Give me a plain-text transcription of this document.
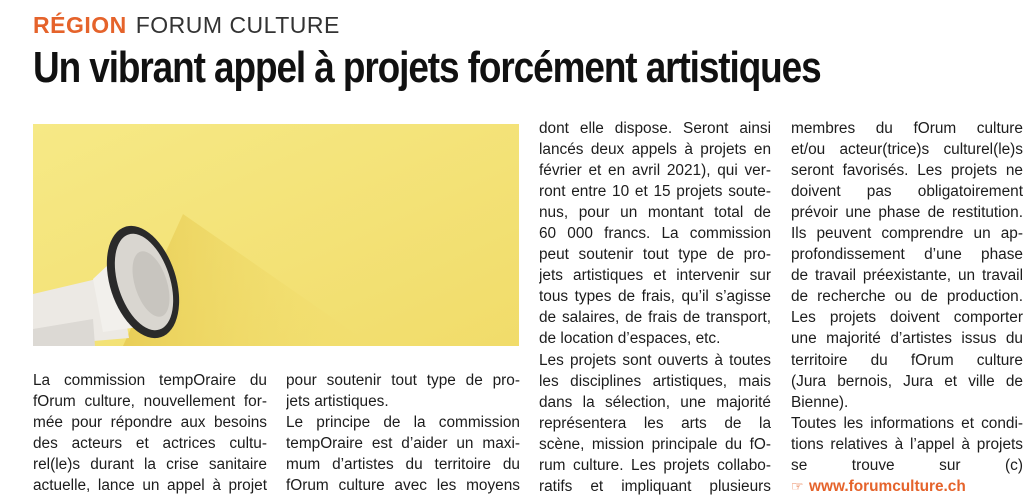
RÉGION FORUM CULTURE
Un vibrant appel à projets forcément artistiques
La commission tempOraire du
fOrum culture, nouvellement for-
mée pour répondre aux besoins
des acteurs et actrices cultu-
rel(le)s durant la crise sanitaire
actuelle, lance un appel à projet
pour soutenir tout type de pro-
jets artistiques.
Le principe de la commission
tempOraire est d’aider un maxi-
mum d’artistes du territoire du
fOrum culture avec les moyens
dont elle dispose. Seront ainsi
lancés deux appels à projets en
février et en avril 2021), qui ver-
ront entre 10 et 15 projets soute-
nus, pour un montant total de
60 000 francs. La commission
peut soutenir tout type de pro-
jets artistiques et intervenir sur
tous types de frais, qu’il s’agisse
de salaires, de frais de transport,
de location d’espaces, etc.
Les projets sont ouverts à toutes
les disciplines artistiques, mais
dans la sélection, une majorité
représentera les arts de la
scène, mission principale du fO-
rum culture. Les projets collabo-
ratifs et impliquant plusieurs
membres du fOrum culture
et/ou acteur(trice)s culturel(le)s
seront favorisés. Les projets ne
doivent pas obligatoirement
prévoir une phase de restitution.
Ils peuvent comprendre un ap-
profondissement d’une phase
de travail préexistante, un travail
de recherche ou de production.
Les projets doivent comporter
une majorité d’artistes issus du
territoire du fOrum culture
(Jura bernois, Jura et ville de
Bienne).
Toutes les informations et condi-
tions relatives à l’appel à projets
se trouve sur (c)
☞ www.forumculture.ch
